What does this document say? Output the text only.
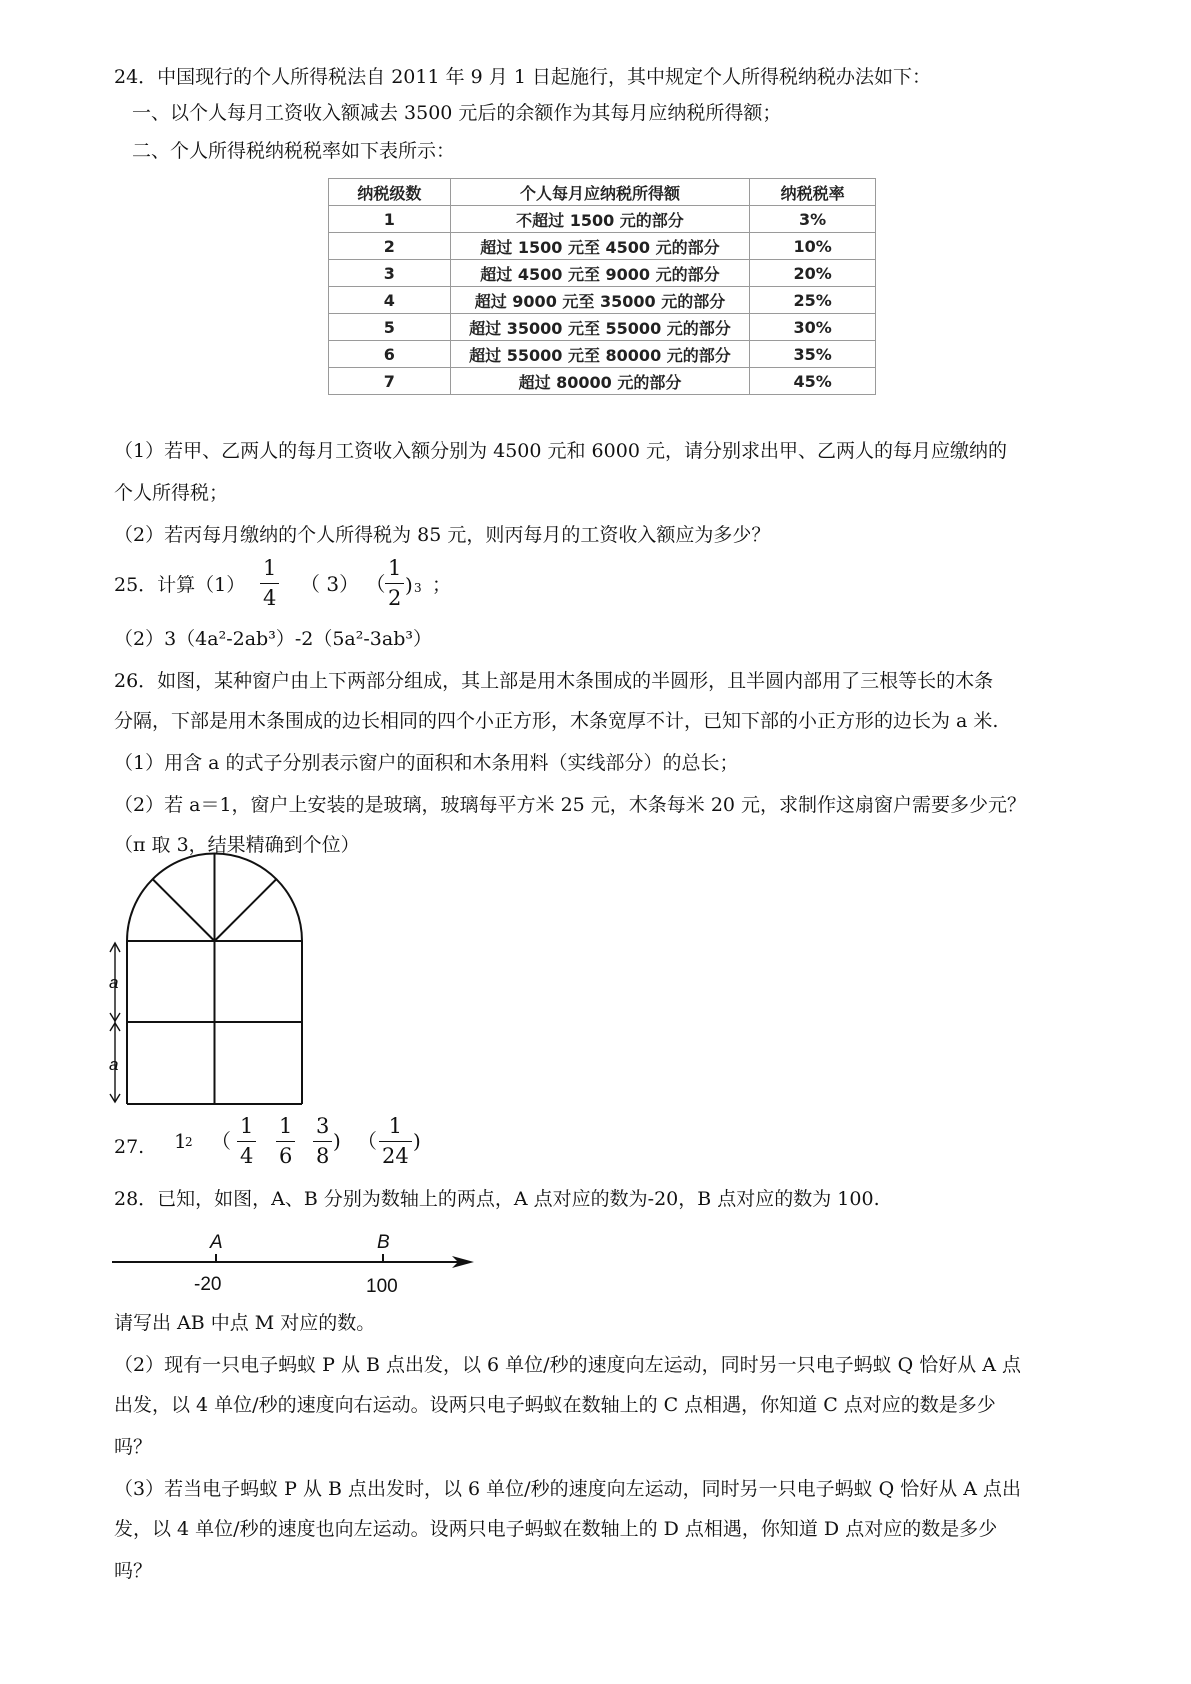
24．中国现行的个人所得税法自 2011 年 9 月 1 日起施行，其中规定个人所得税纳税办法如下：
一、以个人每月工资收入额减去 3500 元后的余额作为其每月应纳税所得额；
二、个人所得税纳税税率如下表所示：
纳税级数	个人每月应纳税所得额	纳税税率
1	不超过 1500 元的部分	3%
2	超过 1500 元至 4500 元的部分	10%
3	超过 4500 元至 9000 元的部分	20%
4	超过 9000 元至 35000 元的部分	25%
5	超过 35000 元至 55000 元的部分	30%
6	超过 55000 元至 80000 元的部分	35%
7	超过 80000 元的部分	45%
（1）若甲、乙两人的每月工资收入额分别为 4500 元和 6000 元，请分别求出甲、乙两人的每月应缴纳的
个人所得税；
（2）若丙每月缴纳的个人所得税为 85 元，则丙每月的工资收入额应为多少？
25．计算（1）
1
4
（ 3） （
1
2
) 3 ；
（2）3（4a²-2ab³）-2（5a²-3ab³）
26．如图，某种窗户由上下两部分组成，其上部是用木条围成的半圆形，且半圆内部用了三根等长的木条
分隔，下部是用木条围成的边长相同的四个小正方形，木条宽厚不计，已知下部的小正方形的边长为 a 米.
（1）用含 a 的式子分别表示窗户的面积和木条用料（实线部分）的总长；
（2）若 a＝1，窗户上安装的是玻璃，玻璃每平方米 25 元，木条每米 20 元，求制作这扇窗户需要多少元？
（π 取 3，结果精确到个位）
a
a
27. 1
2 （
1
4
1
6
3
8
) （
1
24
)
28．已知，如图，A、B 分别为数轴上的两点，A 点对应的数为-20，B 点对应的数为 100.
A	B
-20	100
请写出 AB 中点 M 对应的数。
（2）现有一只电子蚂蚁 P 从 B 点出发，以 6 单位/秒的速度向左运动，同时另一只电子蚂蚁 Q 恰好从 A 点
出发，以 4 单位/秒的速度向右运动。设两只电子蚂蚁在数轴上的 C 点相遇，你知道 C 点对应的数是多少
吗？
（3）若当电子蚂蚁 P 从 B 点出发时，以 6 单位/秒的速度向左运动，同时另一只电子蚂蚁 Q 恰好从 A 点出
发，以 4 单位/秒的速度也向左运动。设两只电子蚂蚁在数轴上的 D 点相遇，你知道 D 点对应的数是多少
吗？
